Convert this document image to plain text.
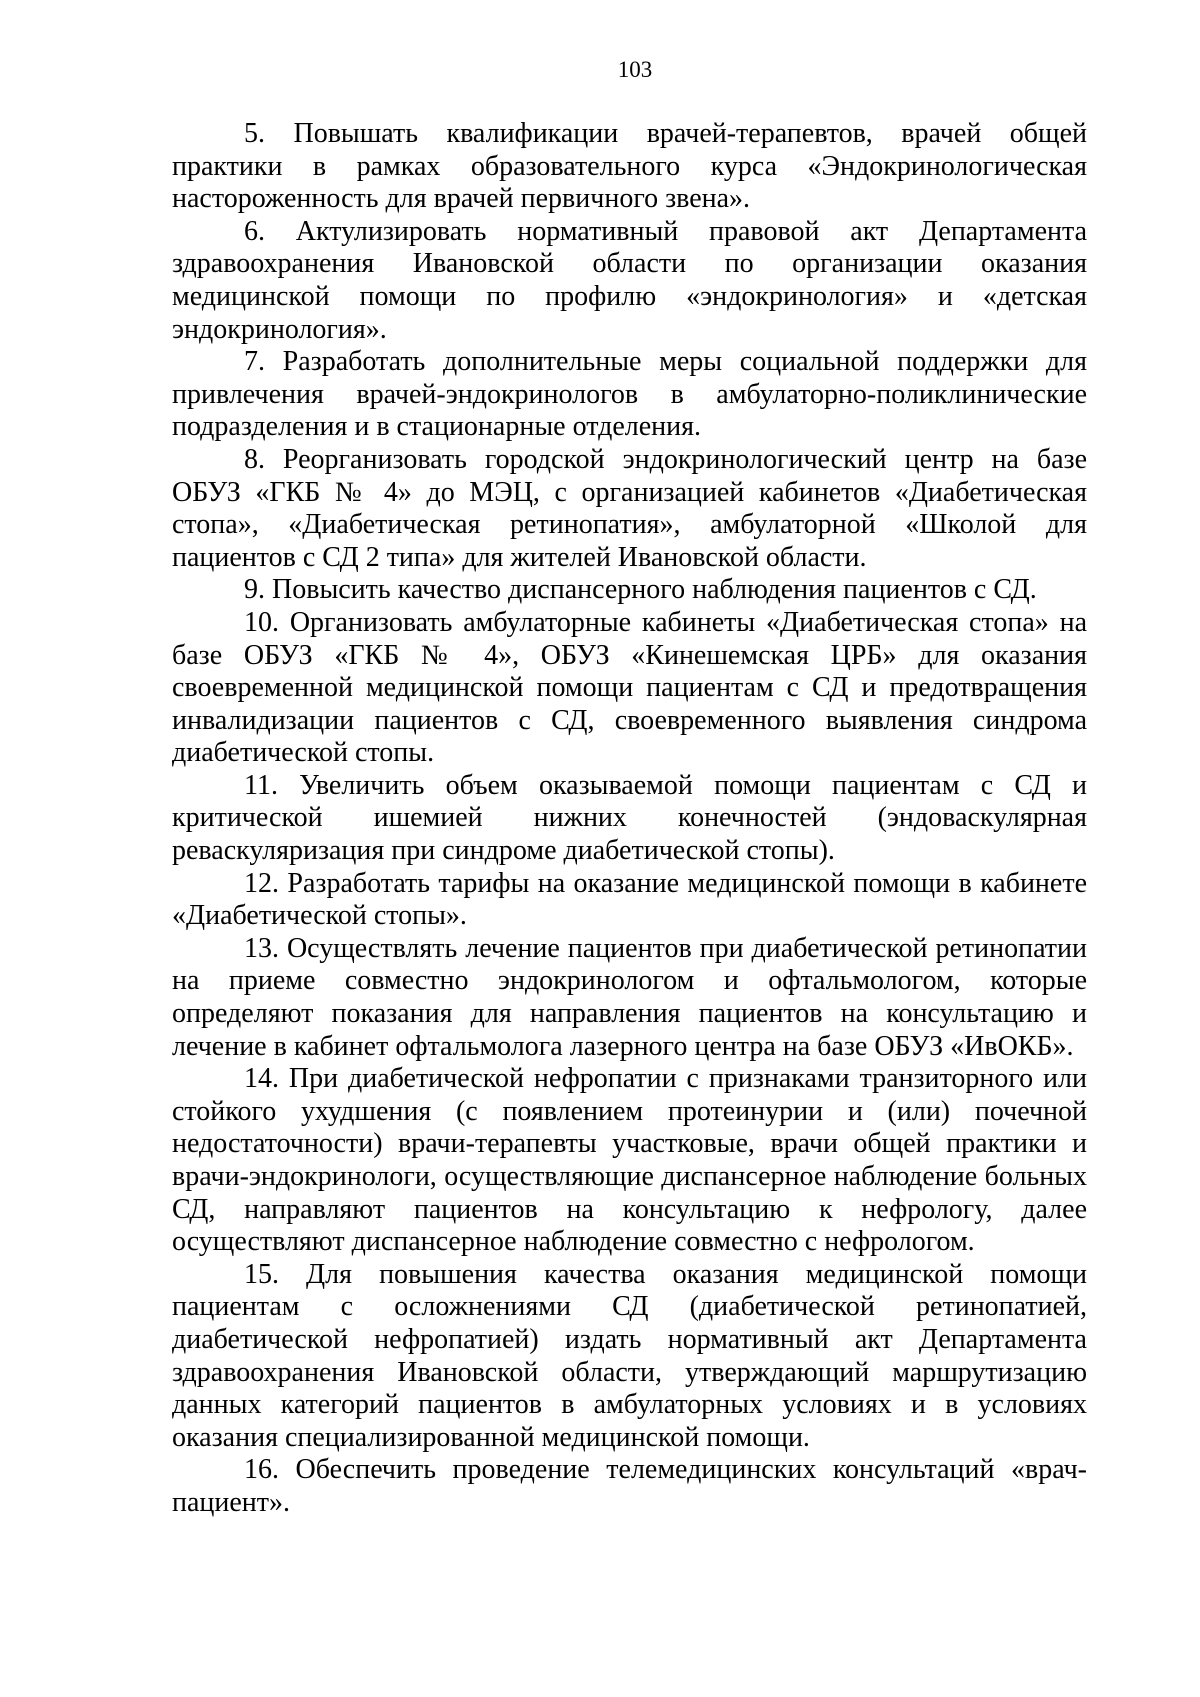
103

5. Повышать квалификации врачей-терапевтов, врачей общей практики в рамках образовательного курса «Эндокринологическая настороженность для врачей первичного звена».

6. Актулизировать нормативный правовой акт Департамента здравоохранения Ивановской области по организации оказания медицинской помощи по профилю «эндокринология» и «детская эндокринология».

7. Разработать дополнительные меры социальной поддержки для привлечения врачей-эндокринологов в амбулаторно-поликлинические подразделения и в стационарные отделения.

8. Реорганизовать городской эндокринологический центр на базе ОБУЗ «ГКБ № 4» до МЭЦ, с организацией кабинетов «Диабетическая стопа», «Диабетическая ретинопатия», амбулаторной «Школой для пациентов с СД 2 типа» для жителей Ивановской области.

9. Повысить качество диспансерного наблюдения пациентов с СД.

10. Организовать амбулаторные кабинеты «Диабетическая стопа» на базе ОБУЗ «ГКБ № 4», ОБУЗ «Кинешемская ЦРБ» для оказания своевременной медицинской помощи пациентам с СД и предотвращения инвалидизации пациентов с СД, своевременного выявления синдрома диабетической стопы.

11. Увеличить объем оказываемой помощи пациентам с СД и критической ишемией нижних конечностей (эндоваскулярная реваскуляризация при синдроме диабетической стопы).

12. Разработать тарифы на оказание медицинской помощи в кабинете «Диабетической стопы».

13. Осуществлять лечение пациентов при диабетической ретинопатии на приеме совместно эндокринологом и офтальмологом, которые определяют показания для направления пациентов на консультацию и лечение в кабинет офтальмолога лазерного центра на базе ОБУЗ «ИвОКБ».

14. При диабетической нефропатии с признаками транзиторного или стойкого ухудшения (с появлением протеинурии и (или) почечной недостаточности) врачи-терапевты участковые, врачи общей практики и врачи-эндокринологи, осуществляющие диспансерное наблюдение больных СД, направляют пациентов на консультацию к нефрологу, далее осуществляют диспансерное наблюдение совместно с нефрологом.

15. Для повышения качества оказания медицинской помощи пациентам с осложнениями СД (диабетической ретинопатией, диабетической нефропатией) издать нормативный акт Департамента здравоохранения Ивановской области, утверждающий маршрутизацию данных категорий пациентов в амбулаторных условиях и в условиях оказания специализированной медицинской помощи.

16. Обеспечить проведение телемедицинских консультаций «врач-пациент».
